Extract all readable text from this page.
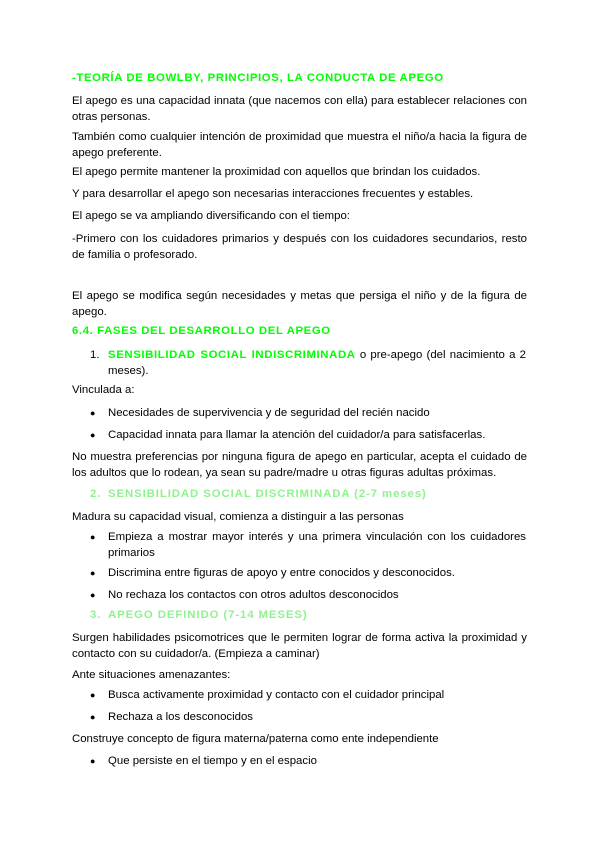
-TEORÍA DE BOWLBY, PRINCIPIOS, LA CONDUCTA DE APEGO
El apego es una capacidad innata (que nacemos con ella) para establecer relaciones con otras personas.
También como cualquier intención de proximidad que muestra el niño/a hacia la figura de apego preferente.
El apego permite mantener la proximidad con aquellos que brindan los cuidados.
Y para desarrollar el apego son necesarias interacciones frecuentes y estables.
El apego se va ampliando diversificando con el tiempo:
-Primero con los cuidadores primarios y después con los cuidadores secundarios, resto de familia o profesorado.
El apego se modifica según necesidades y metas que persiga el niño y de la figura de apego.
6.4. FASES DEL DESARROLLO DEL APEGO
1. SENSIBILIDAD SOCIAL INDISCRIMINADA o pre-apego (del nacimiento a 2 meses).
Vinculada a:
● Necesidades de supervivencia y de seguridad del recién nacido
● Capacidad innata para llamar la atención del cuidador/a para satisfacerlas.
No muestra preferencias por ninguna figura de apego en particular, acepta el cuidado de los adultos que lo rodean, ya sean su padre/madre u otras figuras adultas próximas.
2. SENSIBILIDAD SOCIAL DISCRIMINADA (2-7 meses)
Madura su capacidad visual, comienza a distinguir a las personas
● Empieza a mostrar mayor interés y una primera vinculación con los cuidadores primarios
● Discrimina entre figuras de apoyo y entre conocidos y desconocidos.
● No rechaza los contactos con otros adultos desconocidos
3. APEGO DEFINIDO (7-14 MESES)
Surgen habilidades psicomotrices que le permiten lograr de forma activa la proximidad y contacto con su cuidador/a. (Empieza a caminar)
Ante situaciones amenazantes:
● Busca activamente proximidad y contacto con el cuidador principal
● Rechaza a los desconocidos
Construye concepto de figura materna/paterna como ente independiente
● Que persiste en el tiempo y en el espacio
